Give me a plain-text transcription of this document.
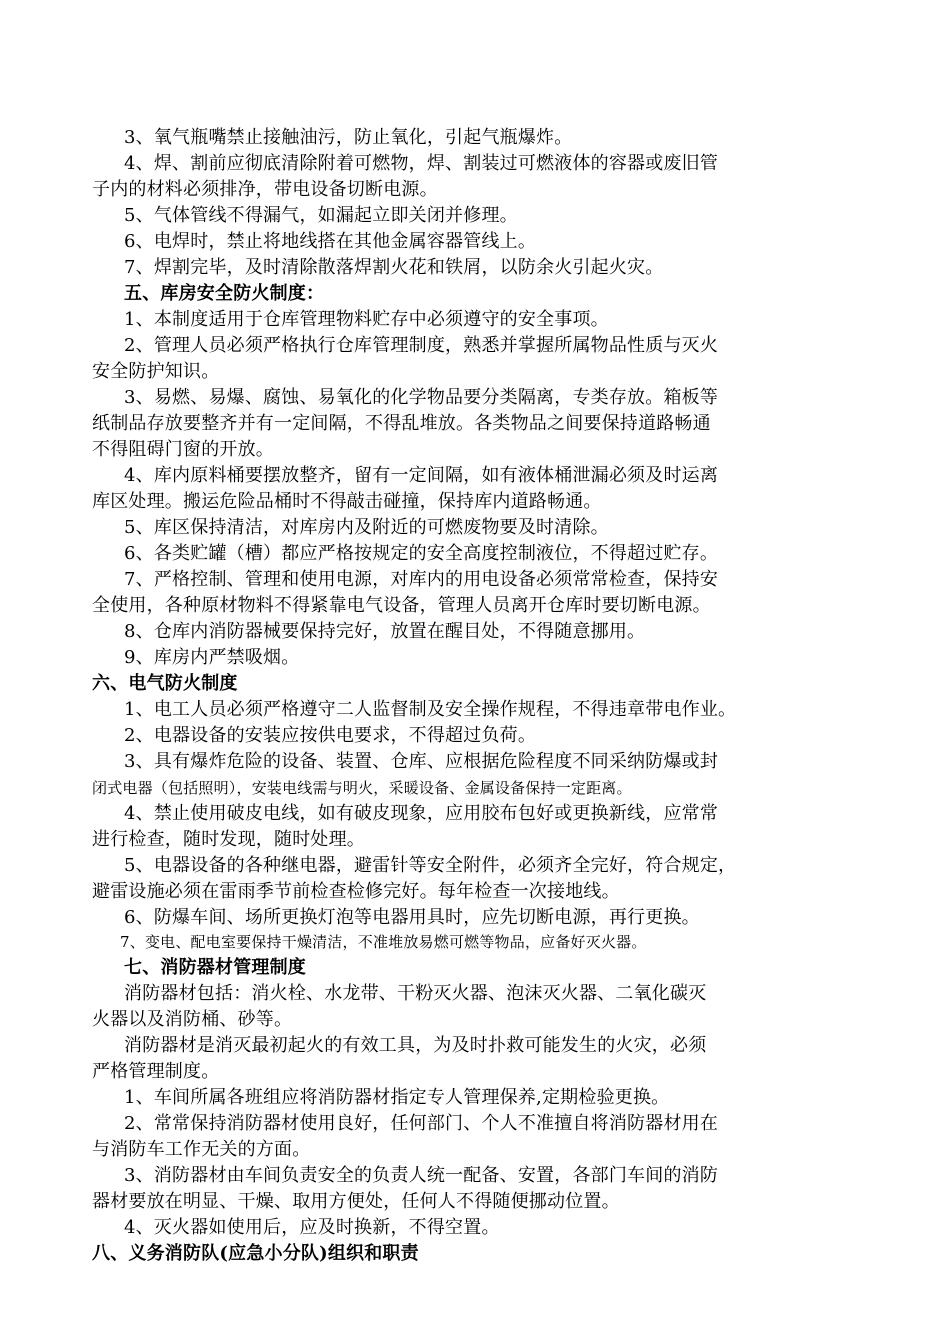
3、氧气瓶嘴禁止接触油污，防止氧化，引起气瓶爆炸。
4、焊、割前应彻底清除附着可燃物，焊、割装过可燃液体的容器或废旧管
子内的材料必须排净，带电设备切断电源。
5、气体管线不得漏气，如漏起立即关闭并修理。
6、电焊时，禁止将地线搭在其他金属容器管线上。
7、焊割完毕，及时清除散落焊割火花和铁屑，以防余火引起火灾。
五、库房安全防火制度：
1、本制度适用于仓库管理物料贮存中必须遵守的安全事项。
2、管理人员必须严格执行仓库管理制度，熟悉并掌握所属物品性质与灭火
安全防护知识。
3、易燃、易爆、腐蚀、易氧化的化学物品要分类隔离，专类存放。箱板等
纸制品存放要整齐并有一定间隔，不得乱堆放。各类物品之间要保持道路畅通
不得阻碍门窗的开放。
4、库内原料桶要摆放整齐，留有一定间隔，如有液体桶泄漏必须及时运离
库区处理。搬运危险品桶时不得敲击碰撞，保持库内道路畅通。
5、库区保持清洁，对库房内及附近的可燃废物要及时清除。
6、各类贮罐（槽）都应严格按规定的安全高度控制液位，不得超过贮存。
7、严格控制、管理和使用电源，对库内的用电设备必须常常检查，保持安
全使用，各种原材物料不得紧靠电气设备，管理人员离开仓库时要切断电源。
8、仓库内消防器械要保持完好，放置在醒目处，不得随意挪用。
9、库房内严禁吸烟。
六、电气防火制度
1、电工人员必须严格遵守二人监督制及安全操作规程，不得违章带电作业。
2、电器设备的安装应按供电要求，不得超过负荷。
3、具有爆炸危险的设备、装置、仓库、应根据危险程度不同采纳防爆或封
闭式电器（包括照明），安装电线需与明火，采暖设备、金属设备保持一定距离。
4、禁止使用破皮电线，如有破皮现象，应用胶布包好或更换新线，应常常
进行检查，随时发现，随时处理。
5、电器设备的各种继电器，避雷针等安全附件，必须齐全完好，符合规定，
避雷设施必须在雷雨季节前检查检修完好。每年检查一次接地线。
6、防爆车间、场所更换灯泡等电器用具时，应先切断电源，再行更换。
7、变电、配电室要保持干燥清洁，不准堆放易燃可燃等物品，应备好灭火器。
七、消防器材管理制度
消防器材包括：消火栓、水龙带、干粉灭火器、泡沫灭火器、二氧化碳灭
火器以及消防桶、砂等。
消防器材是消灭最初起火的有效工具，为及时扑救可能发生的火灾，必须
严格管理制度。
1、车间所属各班组应将消防器材指定专人管理保养,定期检验更换。
2、常常保持消防器材使用良好，任何部门、个人不准擅自将消防器材用在
与消防车工作无关的方面。
3、消防器材由车间负责安全的负责人统一配备、安置，各部门车间的消防
器材要放在明显、干燥、取用方便处，任何人不得随便挪动位置。
4、灭火器如使用后，应及时换新，不得空置。
八、义务消防队(应急小分队)组织和职责
